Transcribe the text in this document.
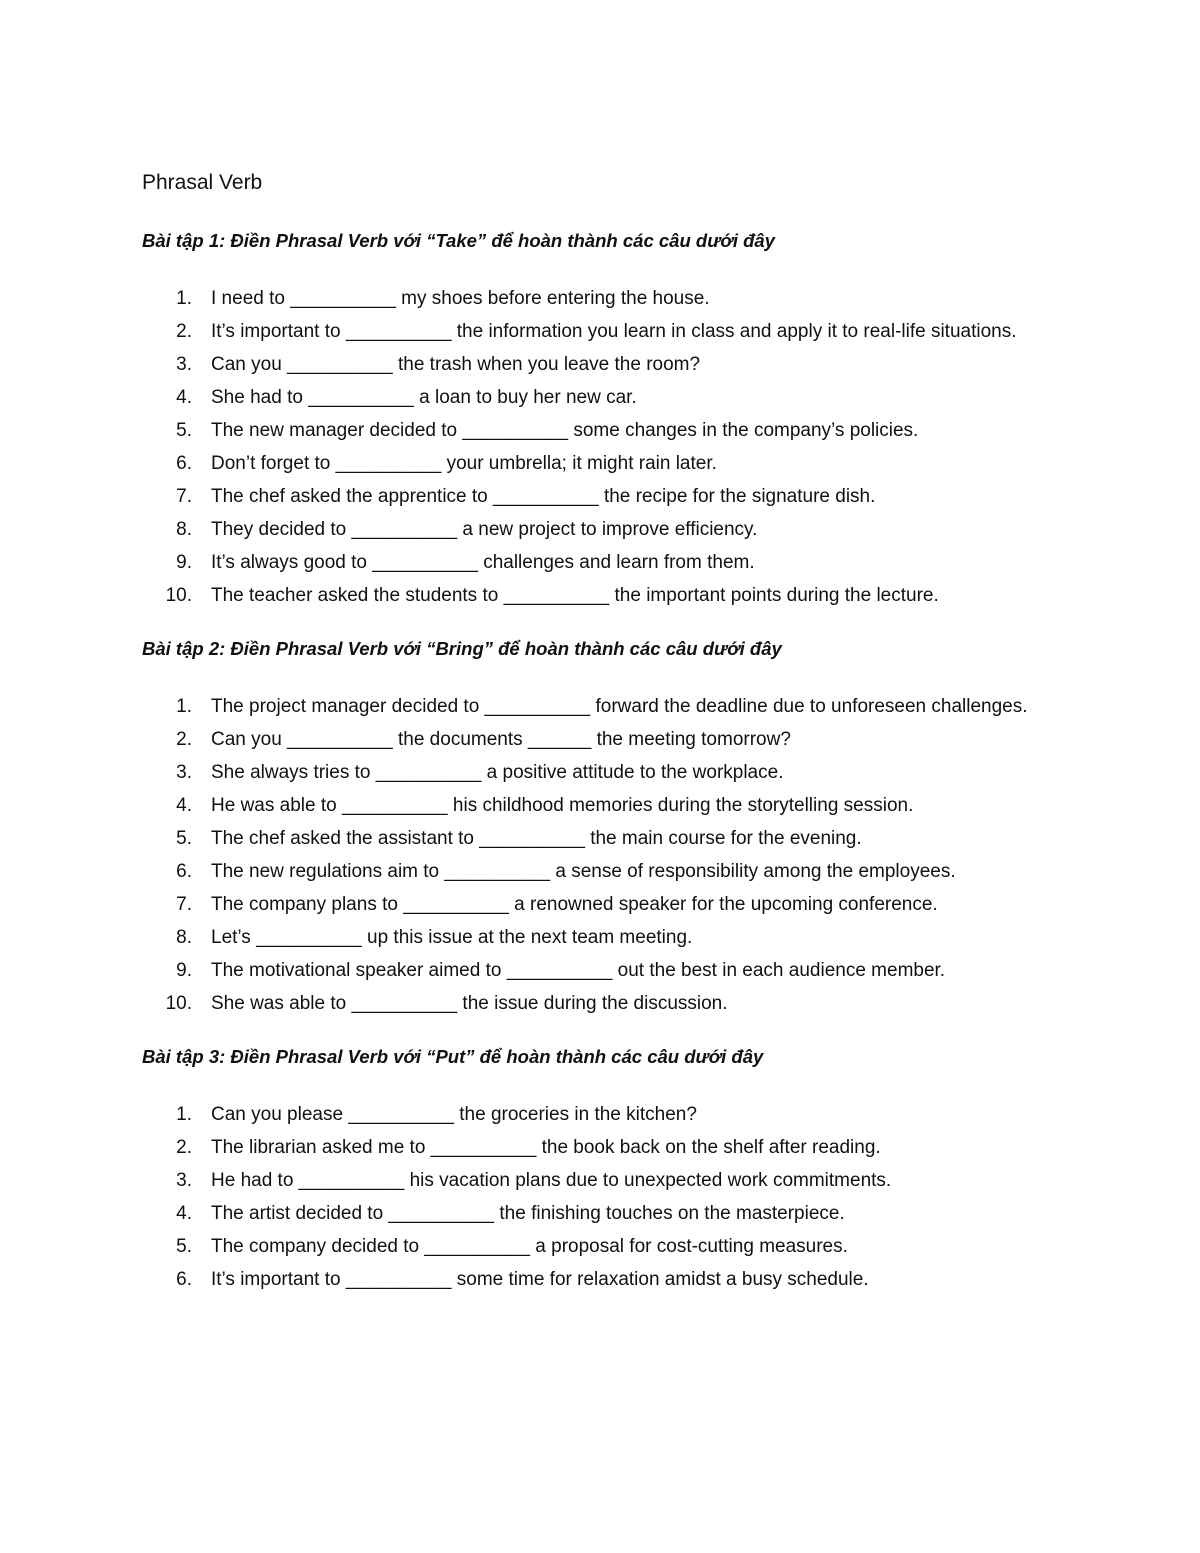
Phrasal Verb
Bài tập 1: Điền Phrasal Verb với “Take” để hoàn thành các câu dưới đây
1. I need to __________ my shoes before entering the house.
2. It’s important to __________ the information you learn in class and apply it to real-life situations.
3. Can you __________ the trash when you leave the room?
4. She had to __________ a loan to buy her new car.
5. The new manager decided to __________ some changes in the company’s policies.
6. Don’t forget to __________ your umbrella; it might rain later.
7. The chef asked the apprentice to __________ the recipe for the signature dish.
8. They decided to __________ a new project to improve efficiency.
9. It’s always good to __________ challenges and learn from them.
10. The teacher asked the students to __________ the important points during the lecture.
Bài tập 2: Điền Phrasal Verb với “Bring” để hoàn thành các câu dưới đây
1. The project manager decided to __________ forward the deadline due to unforeseen challenges.
2. Can you __________ the documents ______ the meeting tomorrow?
3. She always tries to __________ a positive attitude to the workplace.
4. He was able to __________ his childhood memories during the storytelling session.
5. The chef asked the assistant to __________ the main course for the evening.
6. The new regulations aim to __________ a sense of responsibility among the employees.
7. The company plans to __________ a renowned speaker for the upcoming conference.
8. Let’s __________ up this issue at the next team meeting.
9. The motivational speaker aimed to __________ out the best in each audience member.
10. She was able to __________ the issue during the discussion.
Bài tập 3: Điền Phrasal Verb với “Put” để hoàn thành các câu dưới đây
1. Can you please __________ the groceries in the kitchen?
2. The librarian asked me to __________ the book back on the shelf after reading.
3. He had to __________ his vacation plans due to unexpected work commitments.
4. The artist decided to __________ the finishing touches on the masterpiece.
5. The company decided to __________ a proposal for cost-cutting measures.
6. It’s important to __________ some time for relaxation amidst a busy schedule.
